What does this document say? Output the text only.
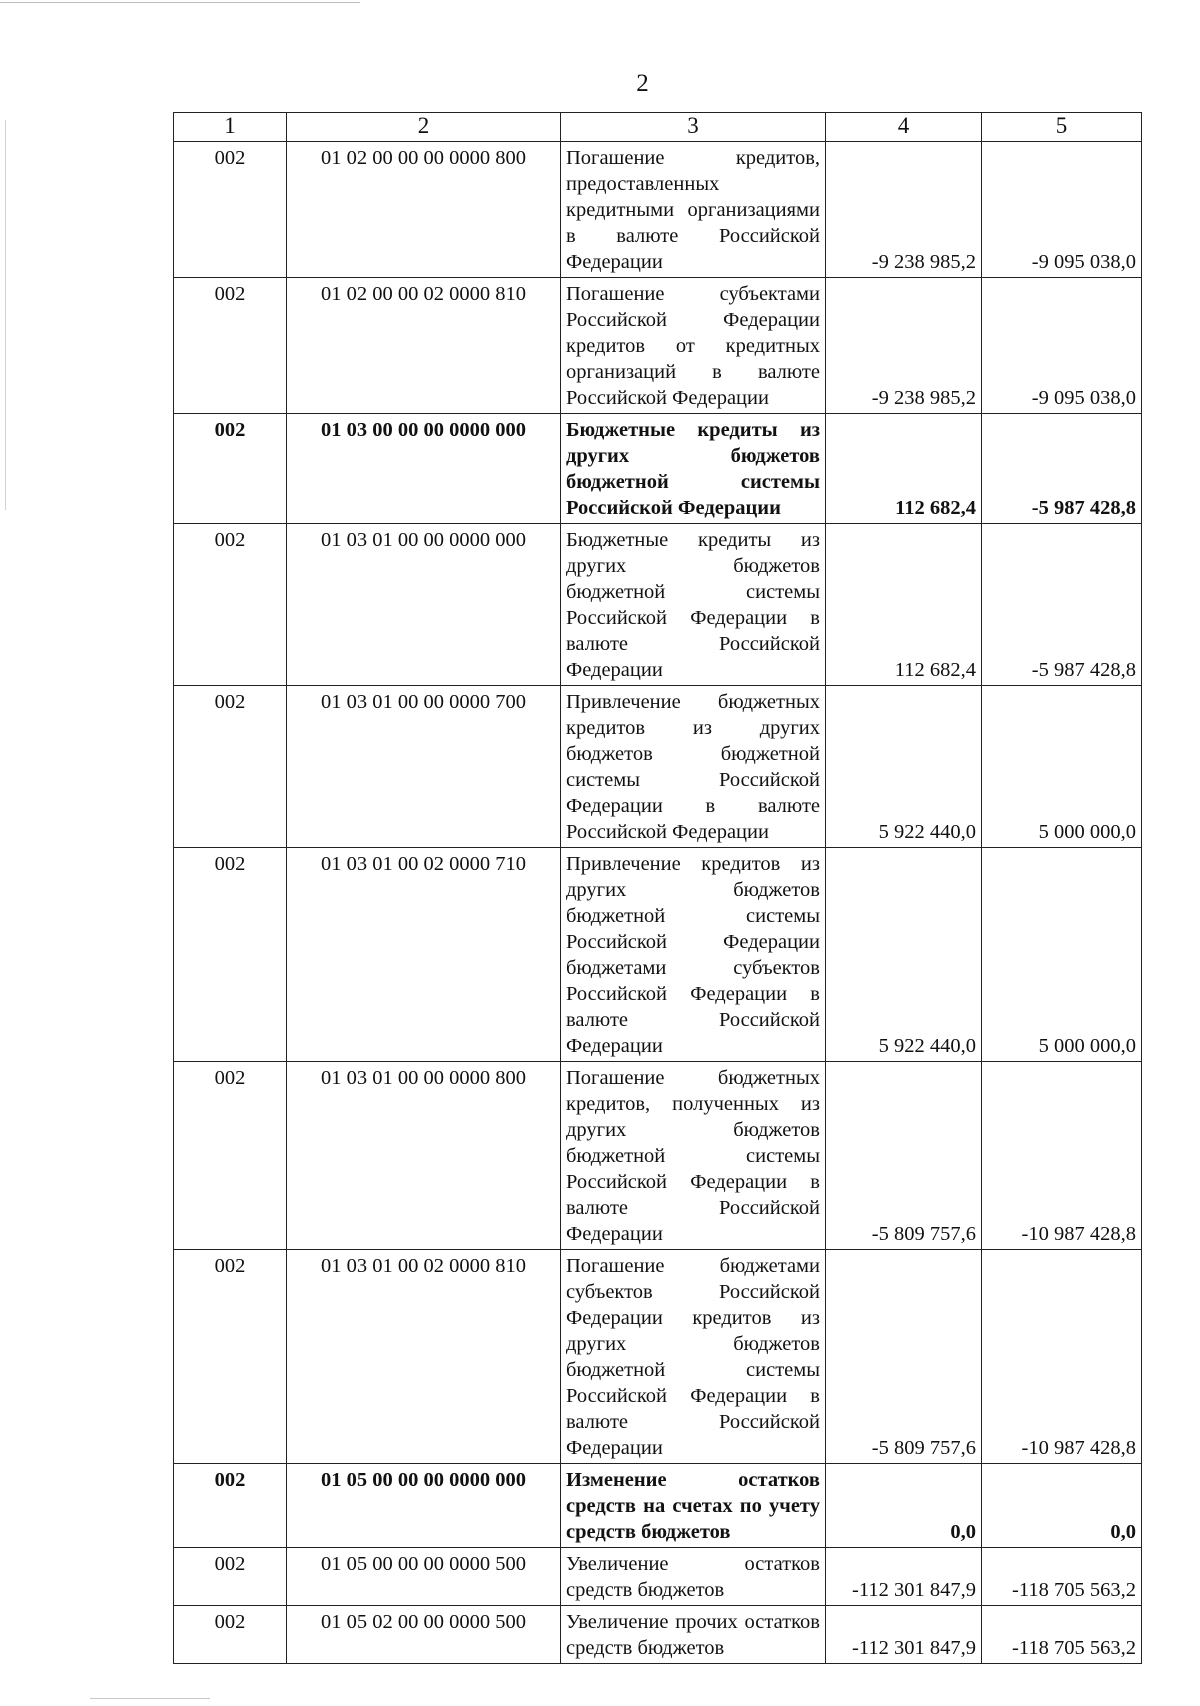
2
1	2	3	4	5
002	01 02 00 00 00 0000 800	Погашение кредитов, предоставленных кредитными организациями в валюте Российской Федерации	-9 238 985,2	-9 095 038,0
002	01 02 00 00 02 0000 810	Погашение субъектами Российской Федерации кредитов от кредитных организаций в валюте Российской Федерации	-9 238 985,2	-9 095 038,0
002	01 03 00 00 00 0000 000	Бюджетные кредиты из других бюджетов бюджетной системы Российской Федерации	112 682,4	-5 987 428,8
002	01 03 01 00 00 0000 000	Бюджетные кредиты из других бюджетов бюджетной системы Российской Федерации в валюте Российской Федерации	112 682,4	-5 987 428,8
002	01 03 01 00 00 0000 700	Привлечение бюджетных кредитов из других бюджетов бюджетной системы Российской Федерации в валюте Российской Федерации	5 922 440,0	5 000 000,0
002	01 03 01 00 02 0000 710	Привлечение кредитов из других бюджетов бюджетной системы Российской Федерации бюджетами субъектов Российской Федерации в валюте Российской Федерации	5 922 440,0	5 000 000,0
002	01 03 01 00 00 0000 800	Погашение бюджетных кредитов, полученных из других бюджетов бюджетной системы Российской Федерации в валюте Российской Федерации	-5 809 757,6	-10 987 428,8
002	01 03 01 00 02 0000 810	Погашение бюджетами субъектов Российской Федерации кредитов из других бюджетов бюджетной системы Российской Федерации в валюте Российской Федерации	-5 809 757,6	-10 987 428,8
002	01 05 00 00 00 0000 000	Изменение остатков средств на счетах по учету средств бюджетов	0,0	0,0
002	01 05 00 00 00 0000 500	Увеличение остатков средств бюджетов	-112 301 847,9	-118 705 563,2
002	01 05 02 00 00 0000 500	Увеличение прочих остатков средств бюджетов	-112 301 847,9	-118 705 563,2
